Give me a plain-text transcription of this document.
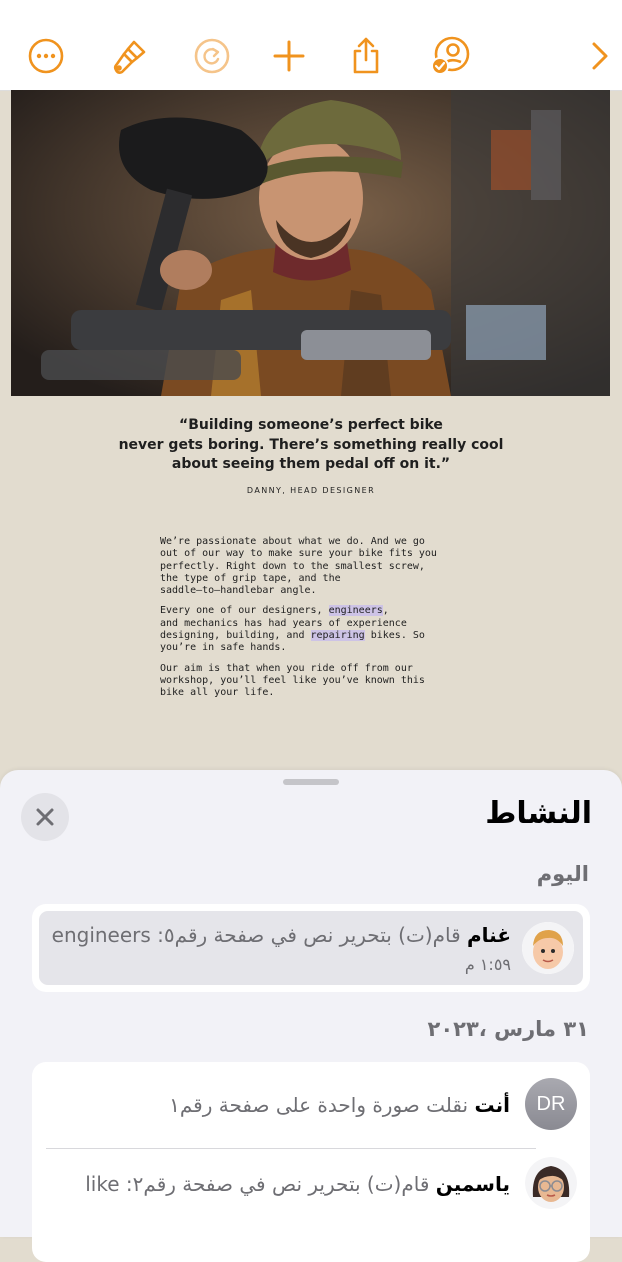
“Building someone’s perfect bike
never gets boring. There’s something really cool
about seeing them pedal off on it.”
DANNY, HEAD DESIGNER

We’re passionate about what we do. And we go
out of our way to make sure your bike fits you
perfectly. Right down to the smallest screw,
the type of grip tape, and the
saddle—to—handlebar angle.

Every one of our designers, engineers,
and mechanics has had years of experience
designing, building, and repairing bikes. So
you’re in safe hands.

Our aim is that when you ride off from our
workshop, you’ll feel like you’ve known this
bike all your life.

النشاط
اليوم
غنام قام(ت) بتحرير نص في صفحة رقم٥: engineers
١:٥٩ م
٣١ مارس ،٢٠٢٣
DR
أنت نقلت صورة واحدة على صفحة رقم١
ياسمين قام(ت) بتحرير نص في صفحة رقم٢: like
